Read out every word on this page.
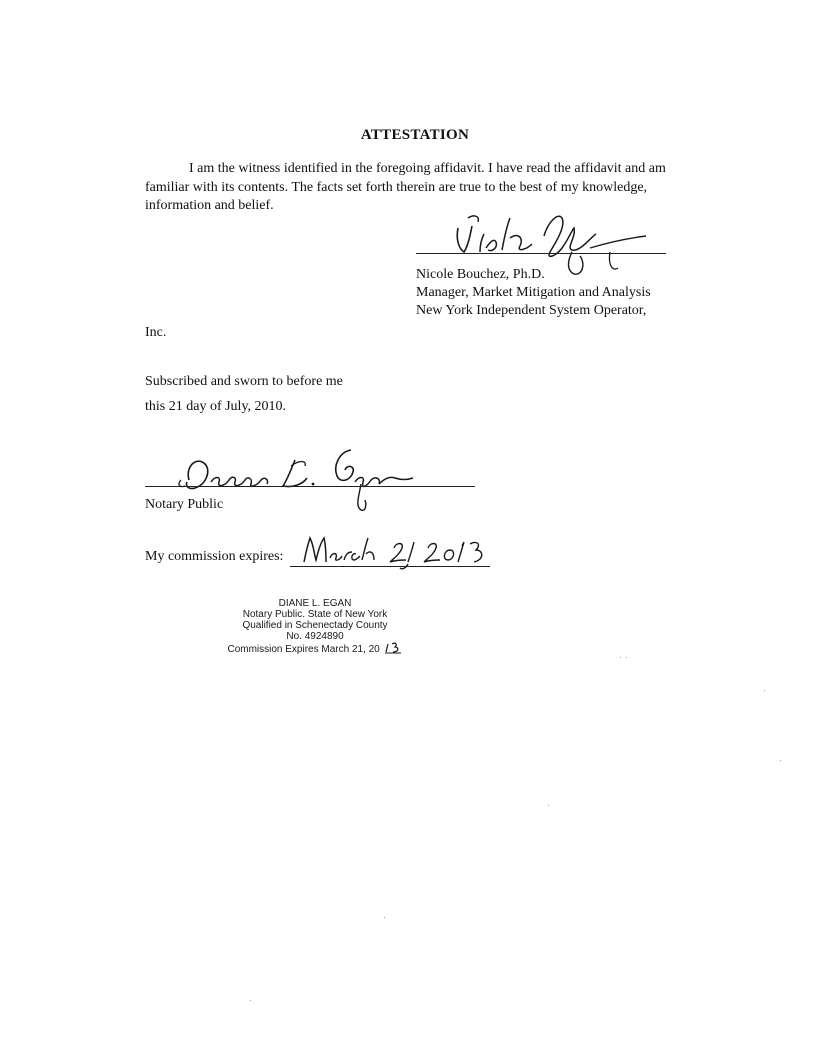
ATTESTATION
I am the witness identified in the foregoing affidavit. I have read the affidavit and am familiar with its contents. The facts set forth therein are true to the best of my knowledge, information and belief.
Nicole Bouchez, Ph.D.
Manager, Market Mitigation and Analysis
New York Independent System Operator,
Inc.
Subscribed and sworn to before me
this 21 day of July, 2010.
Notary Public
My commission expires:
DIANE L. EGAN
Notary Public. State of New York
Qualified in Schenectady County
No. 4924890
Commission Expires March 21, 20
